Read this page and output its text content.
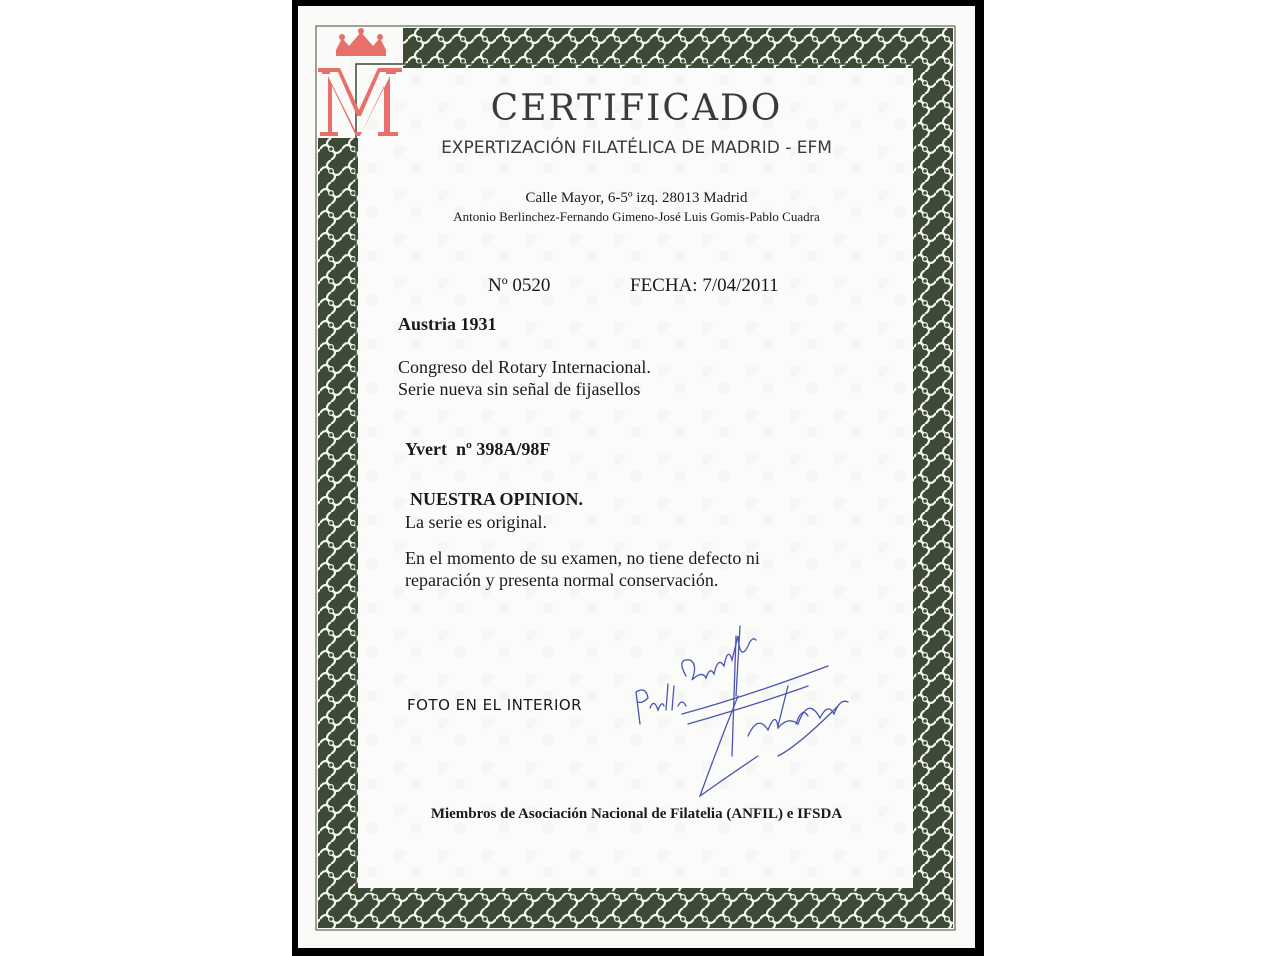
CERTIFICADO
EXPERTIZACIÓN FILATÉLICA DE MADRID - EFM
Calle Mayor, 6-5º izq. 28013 Madrid
Antonio Berlinchez-Fernando Gimeno-José Luis Gomis-Pablo Cuadra
Nº 0520	FECHA: 7/04/2011
Austria 1931
Congreso del Rotary Internacional.
Serie nueva sin señal de fijasellos
Yvert  nº 398A/98F
NUESTRA OPINION.
La serie es original.
En el momento de su examen, no tiene defecto ni
reparación y presenta normal conservación.
FOTO EN EL INTERIOR
Pablo Cuadra
Miembros de Asociación Nacional de Filatelia (ANFIL) e IFSDA
